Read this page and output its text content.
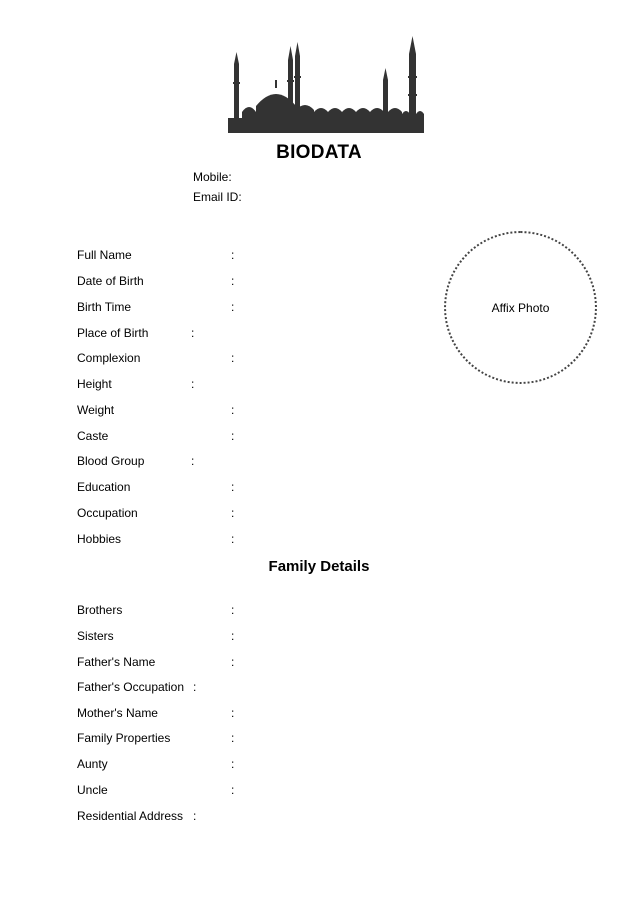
BIODATA
Mobile:
Email ID:
Affix Photo
Full Name	:
Date of Birth	:
Birth Time	:
Place of Birth	:
Complexion	:
Height	:
Weight	:
Caste	:
Blood Group	:
Education	:
Occupation	:
Hobbies	:
Family Details
Brothers	:
Sisters	:
Father's Name	:
Father's Occupation :
Mother's Name	:
Family Properties	:
Aunty	:
Uncle	:
Residential Address :
